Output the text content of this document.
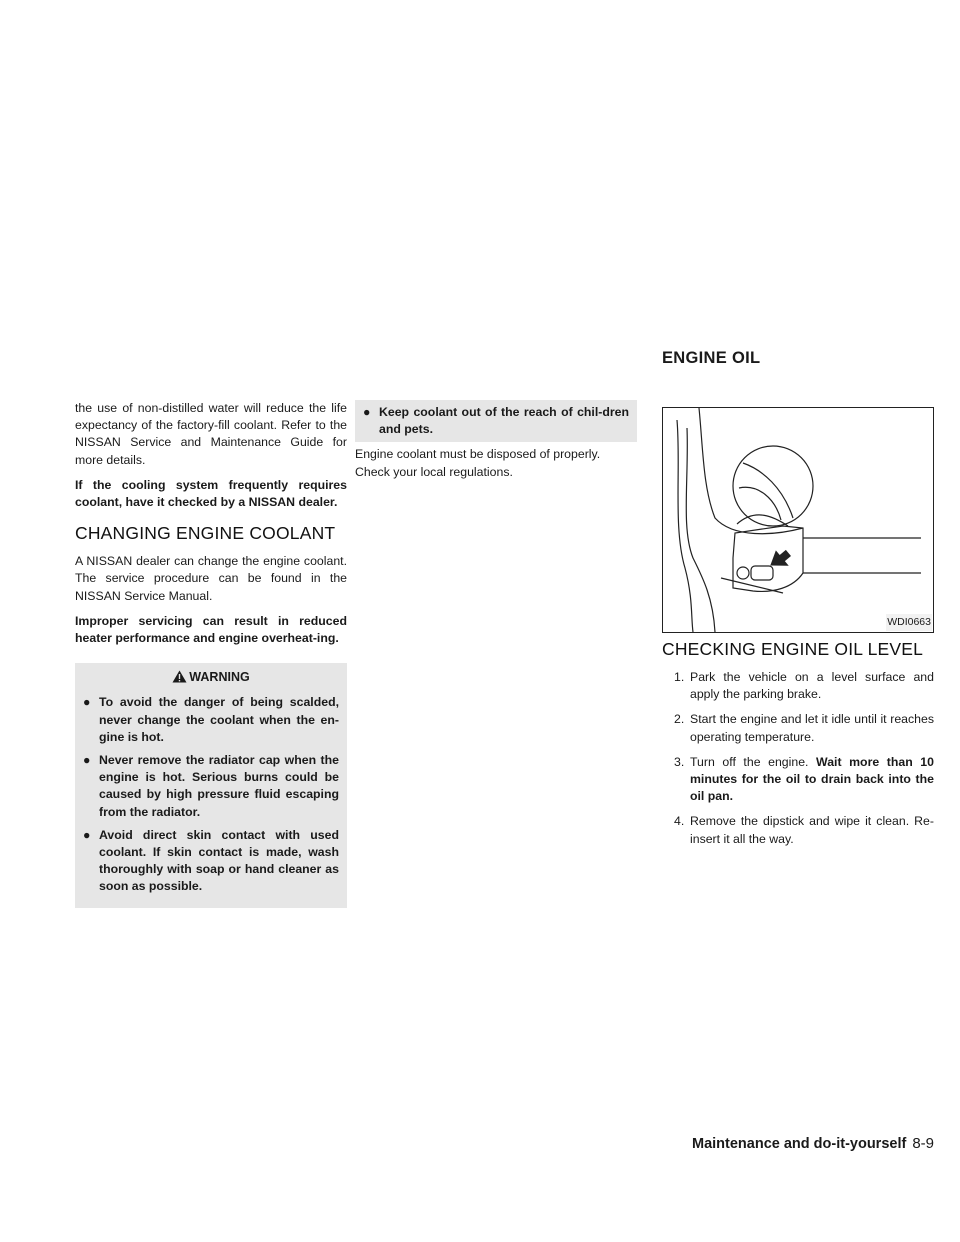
ENGINE OIL

the use of non-distilled water will reduce the life expectancy of the factory-fill coolant. Refer to the NISSAN Service and Maintenance Guide for more details.

If the cooling system frequently requires coolant, have it checked by a NISSAN dealer.

CHANGING ENGINE COOLANT

A NISSAN dealer can change the engine coolant. The service procedure can be found in the NISSAN Service Manual.

Improper servicing can result in reduced heater performance and engine overheat-ing.

WARNING
● To avoid the danger of being scalded, never change the coolant when the en-gine is hot.
● Never remove the radiator cap when the engine is hot. Serious burns could be caused by high pressure fluid escaping from the radiator.
● Avoid direct skin contact with used coolant. If skin contact is made, wash thoroughly with soap or hand cleaner as soon as possible.
● Keep coolant out of the reach of chil-dren and pets.

Engine coolant must be disposed of properly. Check your local regulations.

WDI0663
CHECKING ENGINE OIL LEVEL
1. Park the vehicle on a level surface and apply the parking brake.
2. Start the engine and let it idle until it reaches operating temperature.
3. Turn off the engine. Wait more than 10 minutes for the oil to drain back into the oil pan.
4. Remove the dipstick and wipe it clean. Re-insert it all the way.
Maintenance and do-it-yourself 8-9
